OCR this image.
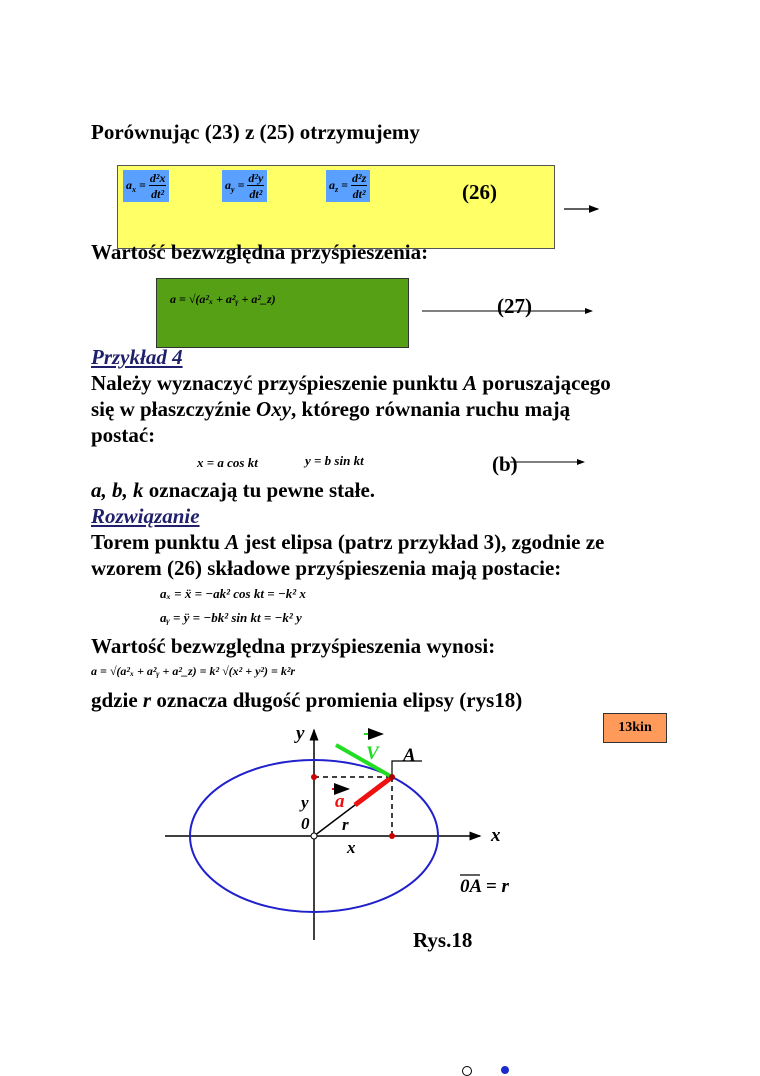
Porównując (23) z (25) otrzymujemy
$a_x = \frac{\text{d²x}}{\text{dt²}}$	$a_y = \frac{\text{d²y}}{\text{dt²}}$	$a_z = \frac{\text{d²z}}{\text{dt²}}$	(26)
Wartość bezwzględna przyśpieszenia:
a = √(a²ₓ + a²ᵧ + a²_z)	(27)
Przykład 4
Należy wyznaczyć przyśpieszenie punktu A poruszającego
się w płaszczyźnie Oxy, którego równania ruchu mają
postać:
x = a cos kt	y = b sin kt	(b)
a, b, k oznaczają tu pewne stałe.
Rozwiązanie
Torem punktu A jest elipsa (patrz przykład 3), zgodnie ze
wzorem (26) składowe przyśpieszenia mają postacie:
aₓ = ẍ = −ak² cos kt = −k² x
aᵧ = ÿ = −bk² sin kt = −k² y
Wartość bezwzględna przyśpieszenia wynosi:
a = √(a²ₓ + a²ᵧ + a²_z) = k² √(x² + y²) = k²r
gdzie r oznacza długość promienia elipsy (rys18)
13kin
y
x
A
V
a
y
0 r
x
0A = r
Rys.18
